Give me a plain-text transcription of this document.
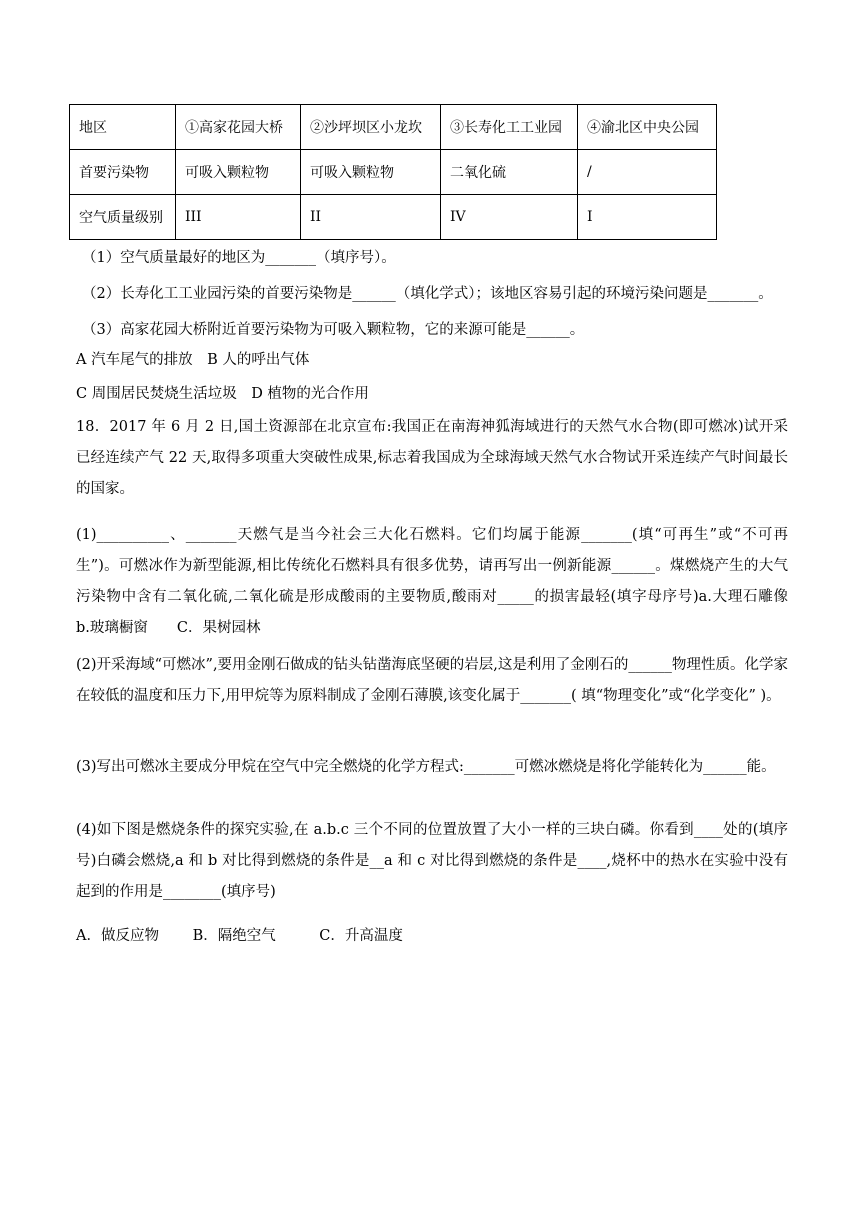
地区	①高家花园大桥	②沙坪坝区小龙坎	③长寿化工工业园	④渝北区中央公园
首要污染物	可吸入颗粒物	可吸入颗粒物	二氧化硫	/
空气质量级别	III	II	IV	I
（1）空气质量最好的地区为_______（填序号）。
（2）长寿化工工业园污染的首要污染物是______（填化学式）；该地区容易引起的环境污染问题是_______。
（3）高家花园大桥附近首要污染物为可吸入颗粒物，它的来源可能是______。
A 汽车尾气的排放　B 人的呼出气体
C 周围居民焚烧生活垃圾　D 植物的光合作用
18．2017 年 6 月 2 日,国土资源部在北京宣布:我国正在南海神狐海域进行的天然气水合物(即可燃冰)试开采已经连续产气 22 天,取得多项重大突破性成果,标志着我国成为全球海域天然气水合物试开采连续产气时间最长的国家。
(1)__________、_______天燃气是当今社会三大化石燃料。它们均属于能源_______(填“可再生”或“不可再生”)。可燃冰作为新型能源,相比传统化石燃料具有很多优势，请再写出一例新能源______。煤燃烧产生的大气污染物中含有二氧化硫,二氧化硫是形成酸雨的主要物质,酸雨对_____的损害最轻(填字母序号)a.大理石雕像　　　b.玻璃橱窗　　C．果树园林
(2)开采海域“可燃冰”,要用金刚石做成的钻头钻凿海底坚硬的岩层,这是利用了金刚石的______物理性质。化学家在较低的温度和压力下,用甲烷等为原料制成了金刚石薄膜,该变化属于_______( 填“物理变化”或“化学变化” )。
(3)写出可燃冰主要成分甲烷在空气中完全燃烧的化学方程式:_______可燃冰燃烧是将化学能转化为______能。
(4)如下图是燃烧条件的探究实验,在 a.b.c 三个不同的位置放置了大小一样的三块白磷。你看到____处的(填序号)白磷会燃烧,a 和 b 对比得到燃烧的条件是__a 和 c 对比得到燃烧的条件是____,烧杯中的热水在实验中没有起到的作用是________(填序号)
A．做反应物　　 B．隔绝空气　　　C．升高温度
